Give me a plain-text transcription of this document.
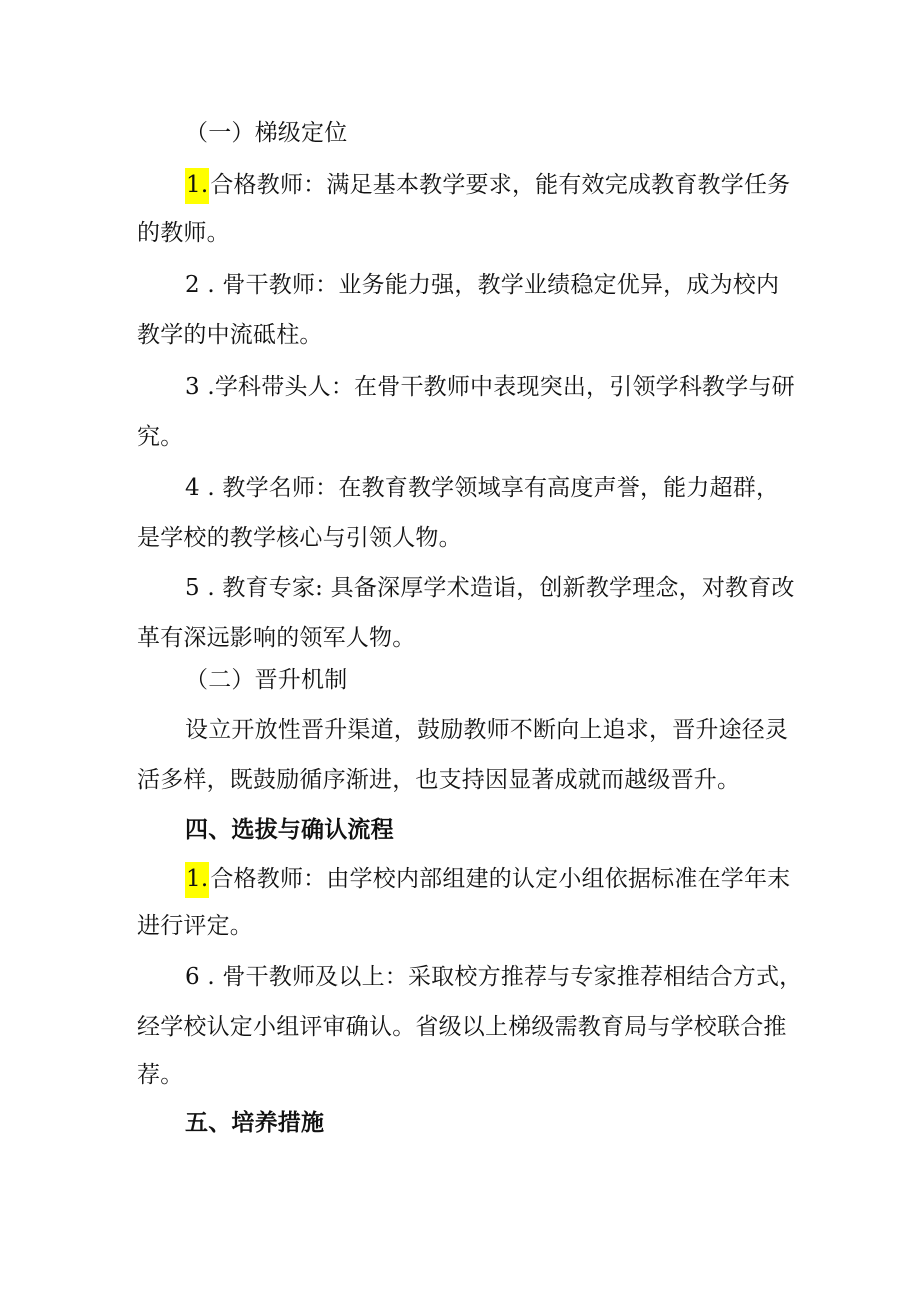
（一）梯级定位
1.合格教师：满足基本教学要求，能有效完成教育教学任务
的教师。
2 . 骨干教师：业务能力强，教学业绩稳定优异，成为校内
教学的中流砥柱。
3 .学科带头人：在骨干教师中表现突出，引领学科教学与研
究。
4 . 教学名师：在教育教学领域享有高度声誉，能力超群，
是学校的教学核心与引领人物。
5 . 教育专家: 具备深厚学术造诣，创新教学理念，对教育改
革有深远影响的领军人物。
（二）晋升机制
设立开放性晋升渠道，鼓励教师不断向上追求，晋升途径灵
活多样，既鼓励循序渐进，也支持因显著成就而越级晋升。
四、选拔与确认流程
1.合格教师：由学校内部组建的认定小组依据标准在学年末
进行评定。
6 . 骨干教师及以上：采取校方推荐与专家推荐相结合方式，
经学校认定小组评审确认。省级以上梯级需教育局与学校联合推
荐。
五、培养措施
